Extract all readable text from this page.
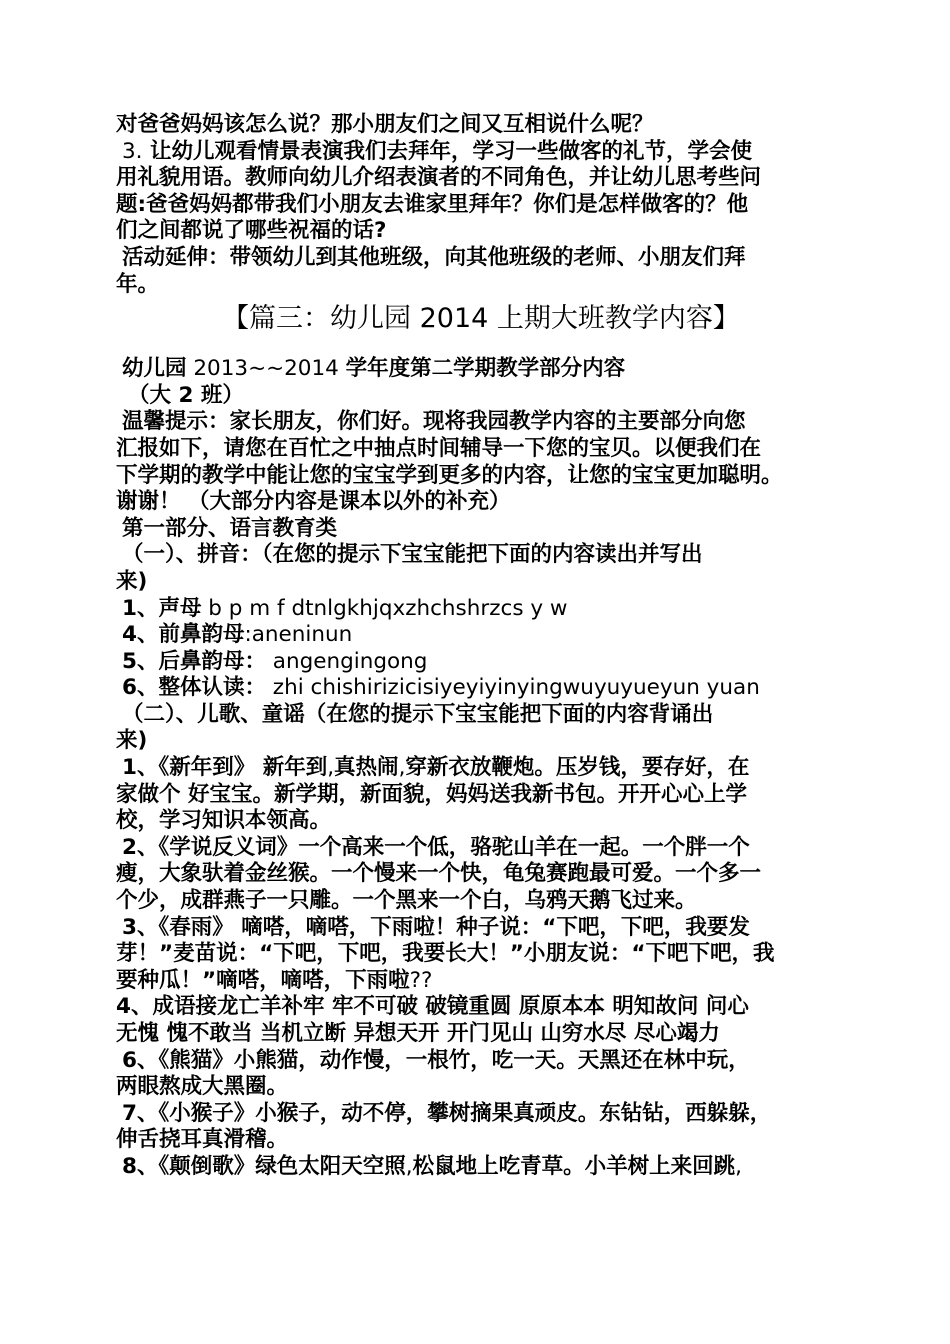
对爸爸妈妈该怎么说？那小朋友们之间又互相说什么呢？
3. 让幼儿观看情景表演我们去拜年，学习一些做客的礼节，学会使
用礼貌用语。教师向幼儿介绍表演者的不同角色，并让幼儿思考些问
题:爸爸妈妈都带我们小朋友去谁家里拜年？你们是怎样做客的？他
们之间都说了哪些祝福的话?
活动延伸：带领幼儿到其他班级，向其他班级的老师、小朋友们拜
年。
【篇三：幼儿园 2014 上期大班教学内容】
幼儿园 2013~~2014 学年度第二学期教学部分内容
（大 2 班）
温馨提示：家长朋友，你们好。现将我园教学内容的主要部分向您
汇报如下，请您在百忙之中抽点时间辅导一下您的宝贝。以便我们在
下学期的教学中能让您的宝宝学到更多的内容，让您的宝宝更加聪明。
谢谢！ （大部分内容是课本以外的补充）
第一部分、语言教育类
（一）、拼音：（在您的提示下宝宝能把下面的内容读出并写出
来)
1、声母 b p m f dtnlgkhjqxzhchshrzcs y w
4、前鼻韵母:aneninun
5、后鼻韵母： angengingong
6、整体认读： zhi chishirizicisiyeyiyinyingwuyuyueyun yuan
（二）、儿歌、童谣（在您的提示下宝宝能把下面的内容背诵出
来)
1、《新年到》 新年到,真热闹,穿新衣放鞭炮。压岁钱，要存好，在
家做个 好宝宝。新学期，新面貌，妈妈送我新书包。开开心心上学
校，学习知识本领高。
2、《学说反义词》一个高来一个低，骆驼山羊在一起。一个胖一个
瘦，大象驮着金丝猴。一个慢来一个快，龟兔赛跑最可爱。一个多一
个少，成群燕子一只雕。一个黑来一个白，乌鸦天鹅飞过来。
3、《春雨》 嘀嗒，嘀嗒，下雨啦！种子说：“下吧，下吧，我要发
芽！”麦苗说：“下吧，下吧，我要长大！”小朋友说：“下吧下吧，我
要种瓜！”嘀嗒，嘀嗒，下雨啦??
4、成语接龙亡羊补牢 牢不可破 破镜重圆 原原本本 明知故问 问心
无愧 愧不敢当 当机立断 异想天开 开门见山 山穷水尽 尽心竭力
6、《熊猫》小熊猫，动作慢，一根竹，吃一天。天黑还在林中玩，
两眼熬成大黑圈。
7、《小猴子》小猴子，动不停，攀树摘果真顽皮。东钻钻，西躲躲，
伸舌挠耳真滑稽。
8、《颠倒歌》绿色太阳天空照,松鼠地上吃青草。小羊树上来回跳,
